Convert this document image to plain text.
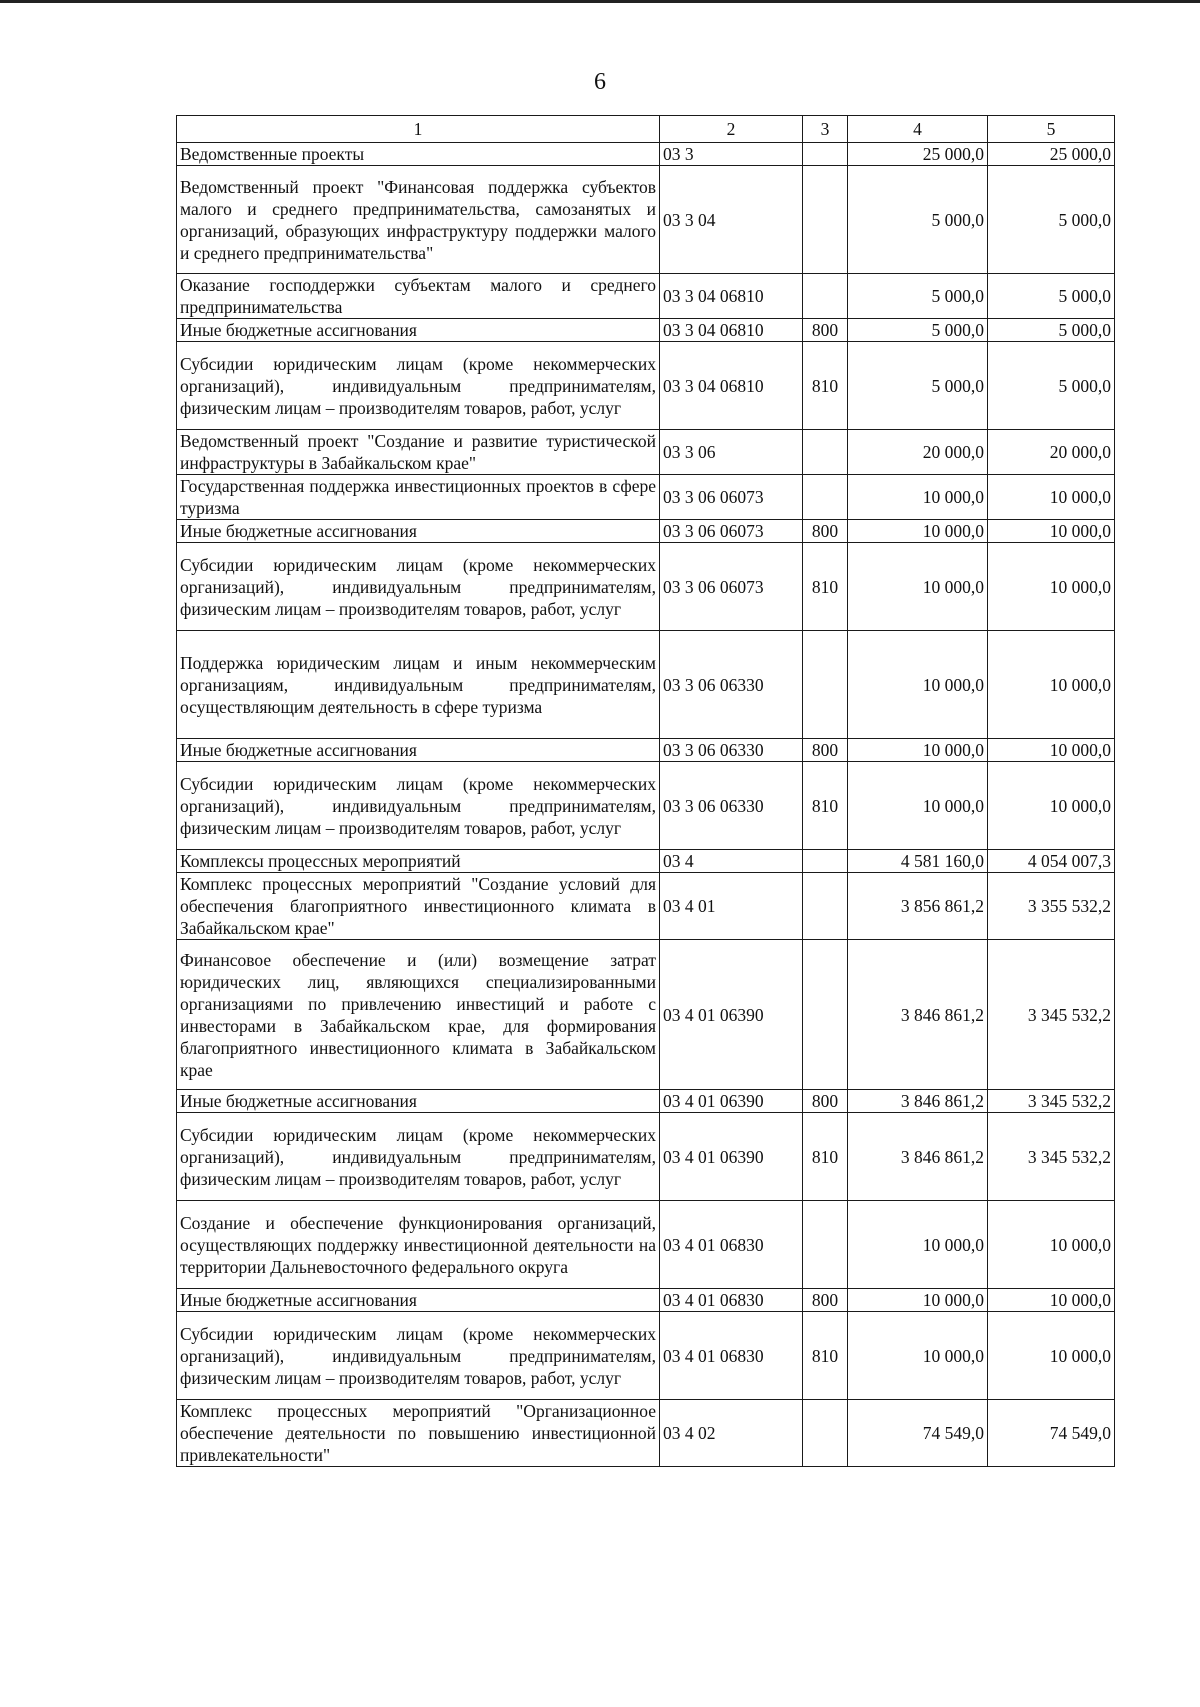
6
1	2	3	4	5
Ведомственные проекты	03 3		25 000,0	25 000,0
Ведомственный проект "Финансовая поддержка субъектов малого и среднего предпринимательства, самозанятых и организаций, образующих инфраструктуру поддержки малого и среднего предпринимательства"	03 3 04		5 000,0	5 000,0
Оказание господдержки субъектам малого и среднего предпринимательства	03 3 04 06810		5 000,0	5 000,0
Иные бюджетные ассигнования	03 3 04 06810	800	5 000,0	5 000,0
Субсидии юридическим лицам (кроме некоммерческих организаций), индивидуальным предпринимателям, физическим лицам – производителям товаров, работ, услуг	03 3 04 06810	810	5 000,0	5 000,0
Ведомственный проект "Создание и развитие туристической инфраструктуры в Забайкальском крае"	03 3 06		20 000,0	20 000,0
Государственная поддержка инвестиционных проектов в сфере туризма	03 3 06 06073		10 000,0	10 000,0
Иные бюджетные ассигнования	03 3 06 06073	800	10 000,0	10 000,0
Субсидии юридическим лицам (кроме некоммерческих организаций), индивидуальным предпринимателям, физическим лицам – производителям товаров, работ, услуг	03 3 06 06073	810	10 000,0	10 000,0
Поддержка юридическим лицам и иным некоммерческим организациям, индивидуальным предпринимателям, осуществляющим деятельность в сфере туризма	03 3 06 06330		10 000,0	10 000,0
Иные бюджетные ассигнования	03 3 06 06330	800	10 000,0	10 000,0
Субсидии юридическим лицам (кроме некоммерческих организаций), индивидуальным предпринимателям, физическим лицам – производителям товаров, работ, услуг	03 3 06 06330	810	10 000,0	10 000,0
Комплексы процессных мероприятий	03 4		4 581 160,0	4 054 007,3
Комплекс процессных мероприятий "Создание условий для обеспечения благоприятного инвестиционного климата в Забайкальском крае"	03 4 01		3 856 861,2	3 355 532,2
Финансовое обеспечение и (или) возмещение затрат юридических лиц, являющихся специализированными организациями по привлечению инвестиций и работе с инвесторами в Забайкальском крае, для формирования благоприятного инвестиционного климата в Забайкальском крае	03 4 01 06390		3 846 861,2	3 345 532,2
Иные бюджетные ассигнования	03 4 01 06390	800	3 846 861,2	3 345 532,2
Субсидии юридическим лицам (кроме некоммерческих организаций), индивидуальным предпринимателям, физическим лицам – производителям товаров, работ, услуг	03 4 01 06390	810	3 846 861,2	3 345 532,2
Создание и обеспечение функционирования организаций, осуществляющих поддержку инвестиционной деятельности на территории Дальневосточного федерального округа	03 4 01 06830		10 000,0	10 000,0
Иные бюджетные ассигнования	03 4 01 06830	800	10 000,0	10 000,0
Субсидии юридическим лицам (кроме некоммерческих организаций), индивидуальным предпринимателям, физическим лицам – производителям товаров, работ, услуг	03 4 01 06830	810	10 000,0	10 000,0
Комплекс процессных мероприятий "Организационное обеспечение деятельности по повышению инвестиционной привлекательности"	03 4 02		74 549,0	74 549,0
